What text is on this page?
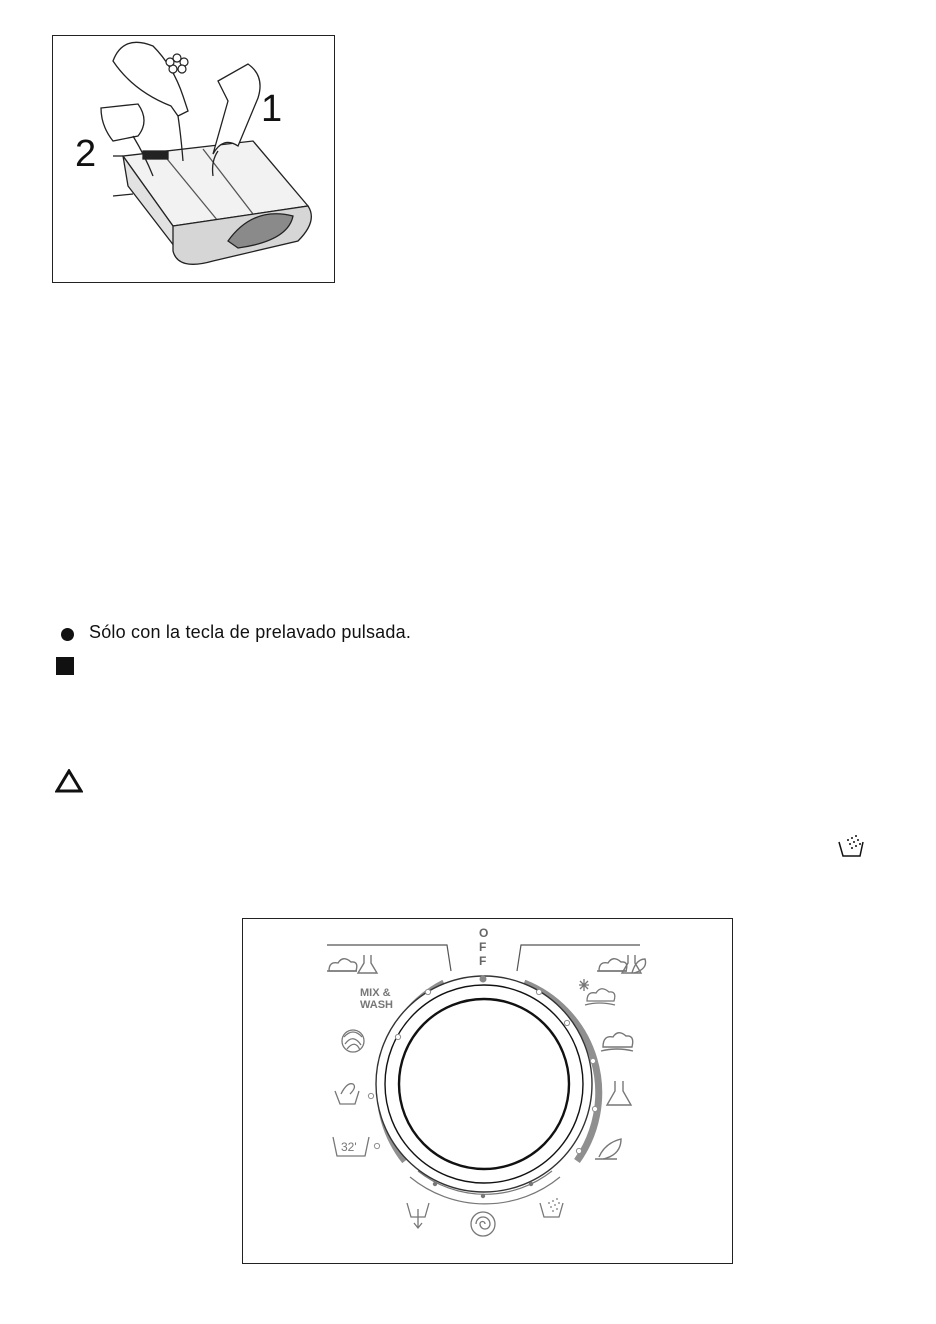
1
2
Sólo con la tecla de prelavado pulsada.
O
F
F
MIX &
WASH
32'
